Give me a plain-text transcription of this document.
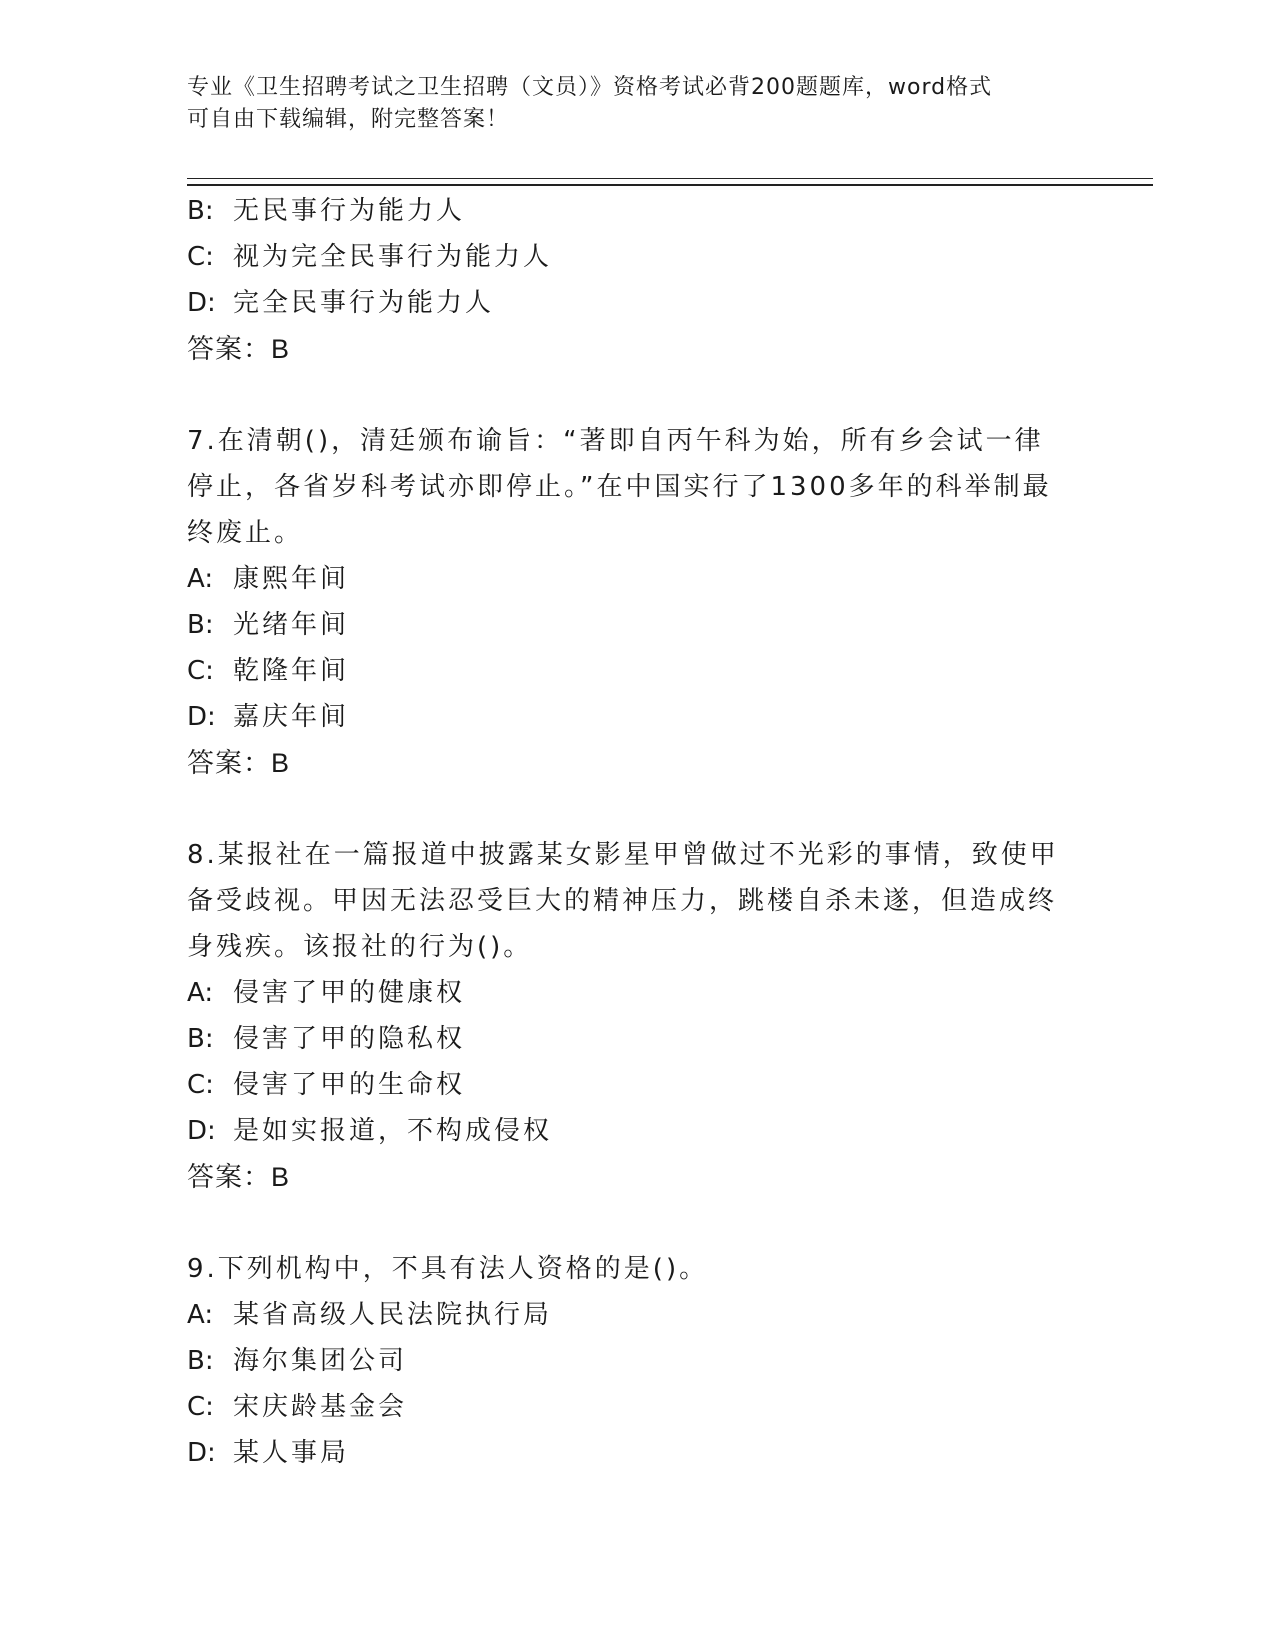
专业《卫生招聘考试之卫生招聘（文员）》资格考试必背200题题库，word格式
可自由下载编辑，附完整答案！
B: 无民事行为能力人
C: 视为完全民事行为能力人
D: 完全民事行为能力人
答案：B
7.在清朝()，清廷颁布谕旨：“著即自丙午科为始，所有乡会试一律
停止，各省岁科考试亦即停止。”在中国实行了1300多年的科举制最
终废止。
A: 康熙年间
B: 光绪年间
C: 乾隆年间
D: 嘉庆年间
答案：B
8.某报社在一篇报道中披露某女影星甲曾做过不光彩的事情，致使甲
备受歧视。甲因无法忍受巨大的精神压力，跳楼自杀未遂，但造成终
身残疾。该报社的行为()。
A: 侵害了甲的健康权
B: 侵害了甲的隐私权
C: 侵害了甲的生命权
D: 是如实报道，不构成侵权
答案：B
9.下列机构中，不具有法人资格的是()。
A: 某省高级人民法院执行局
B: 海尔集团公司
C: 宋庆龄基金会
D: 某人事局
